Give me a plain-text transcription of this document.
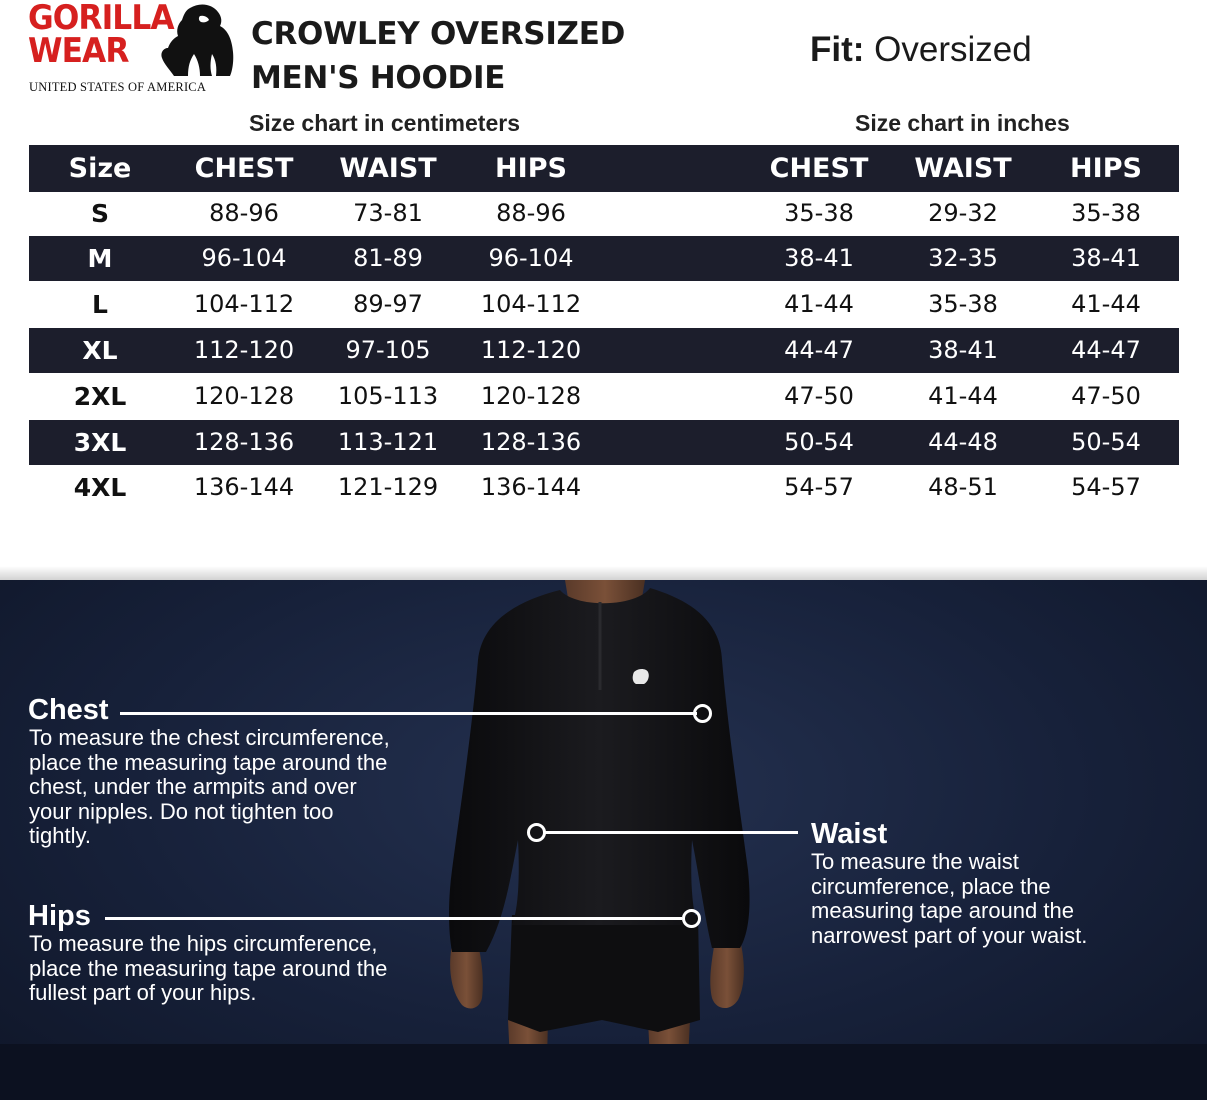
GORILLA
WEAR
UNITED STATES OF AMERICA
CROWLEY OVERSIZED
MEN'S HOODIE
Fit: Oversized
Size chart in centimeters	Size chart in inches
Size	CHEST	WAIST	HIPS	CHEST	WAIST	HIPS
S	88-96	73-81	88-96	35-38	29-32	35-38
M	96-104	81-89	96-104	38-41	32-35	38-41
L	104-112	89-97	104-112	41-44	35-38	41-44
XL	112-120	97-105	112-120	44-47	38-41	44-47
2XL	120-128	105-113	120-128	47-50	41-44	47-50
3XL	128-136	113-121	128-136	50-54	44-48	50-54
4XL	136-144	121-129	136-144	54-57	48-51	54-57
Chest
To measure the chest circumference, place the measuring tape around the chest, under the armpits and over your nipples. Do not tighten too tightly.	Waist
To measure the waist circumference, place the measuring tape around the narrowest part of your waist.
Hips
To measure the hips circumference, place the measuring tape around the fullest part of your hips.
